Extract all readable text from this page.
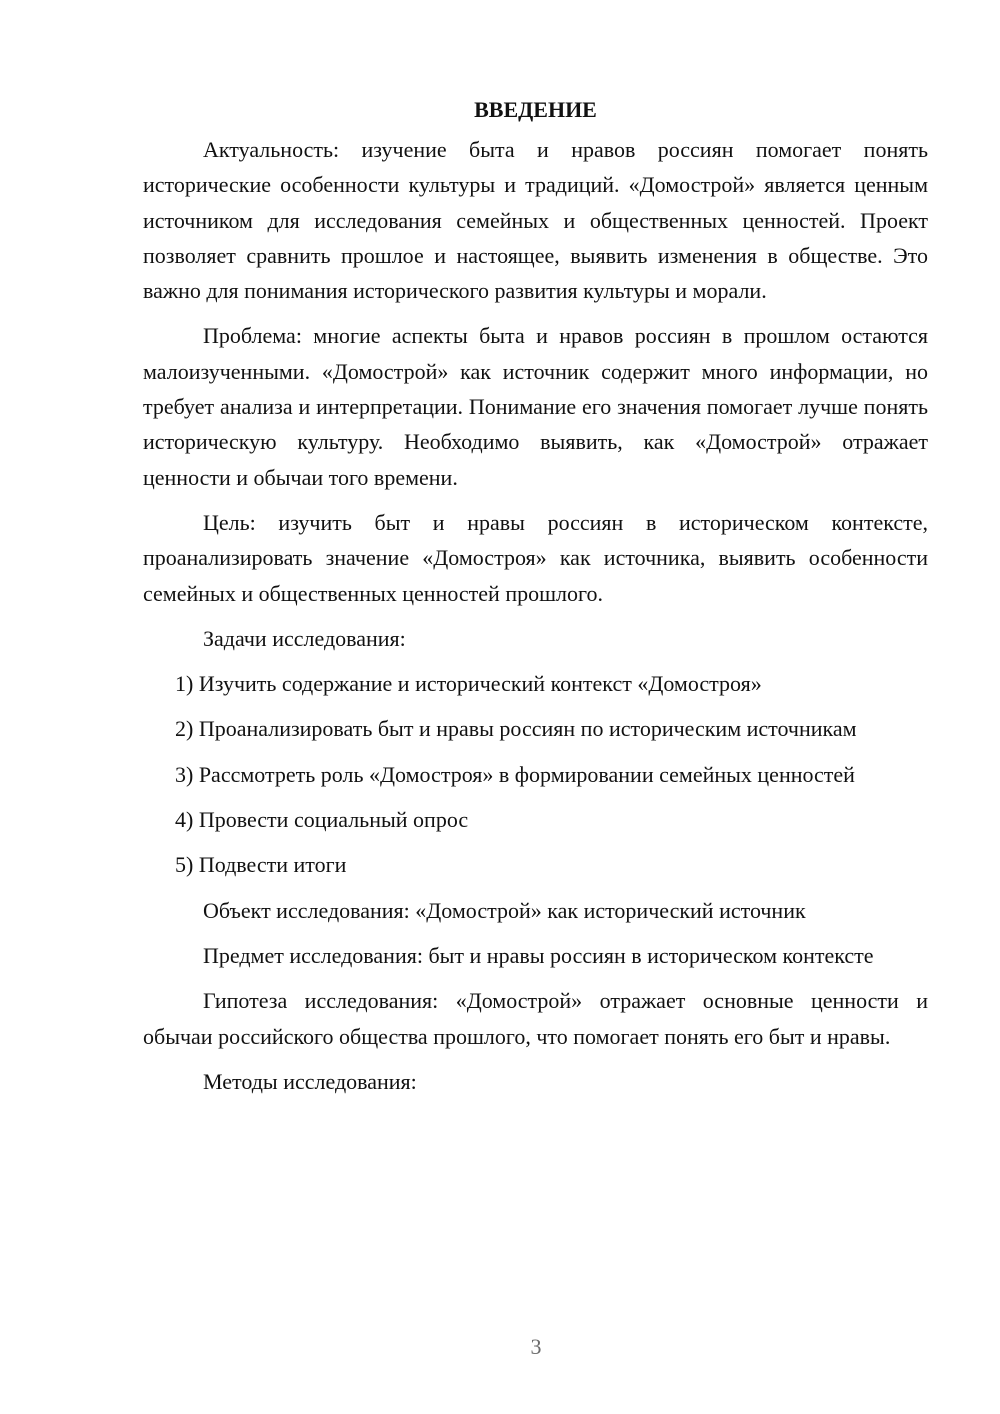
ВВЕДЕНИЕ

Актуальность: изучение быта и нравов россиян помогает понять исторические особенности культуры и традиций. «Домострой» является ценным источником для исследования семейных и общественных ценностей. Проект позволяет сравнить прошлое и настоящее, выявить изменения в обществе. Это важно для понимания исторического развития культуры и морали.

Проблема: многие аспекты быта и нравов россиян в прошлом остаются малоизученными. «Домострой» как источник содержит много информации, но требует анализа и интерпретации. Понимание его значения помогает лучше понять историческую культуру. Необходимо выявить, как «Домострой» отражает ценности и обычаи того времени.

Цель: изучить быт и нравы россиян в историческом контексте, проанализировать значение «Домостроя» как источника, выявить особенности семейных и общественных ценностей прошлого.

Задачи исследования:

1) Изучить содержание и исторический контекст «Домостроя»

2) Проанализировать быт и нравы россиян по историческим источникам

3) Рассмотреть роль «Домостроя» в формировании семейных ценностей

4) Провести социальный опрос

5) Подвести итоги

Объект исследования: «Домострой» как исторический источник

Предмет исследования: быт и нравы россиян в историческом контексте

Гипотеза исследования: «Домострой» отражает основные ценности и обычаи российского общества прошлого, что помогает понять его быт и нравы.

Методы исследования:

3
